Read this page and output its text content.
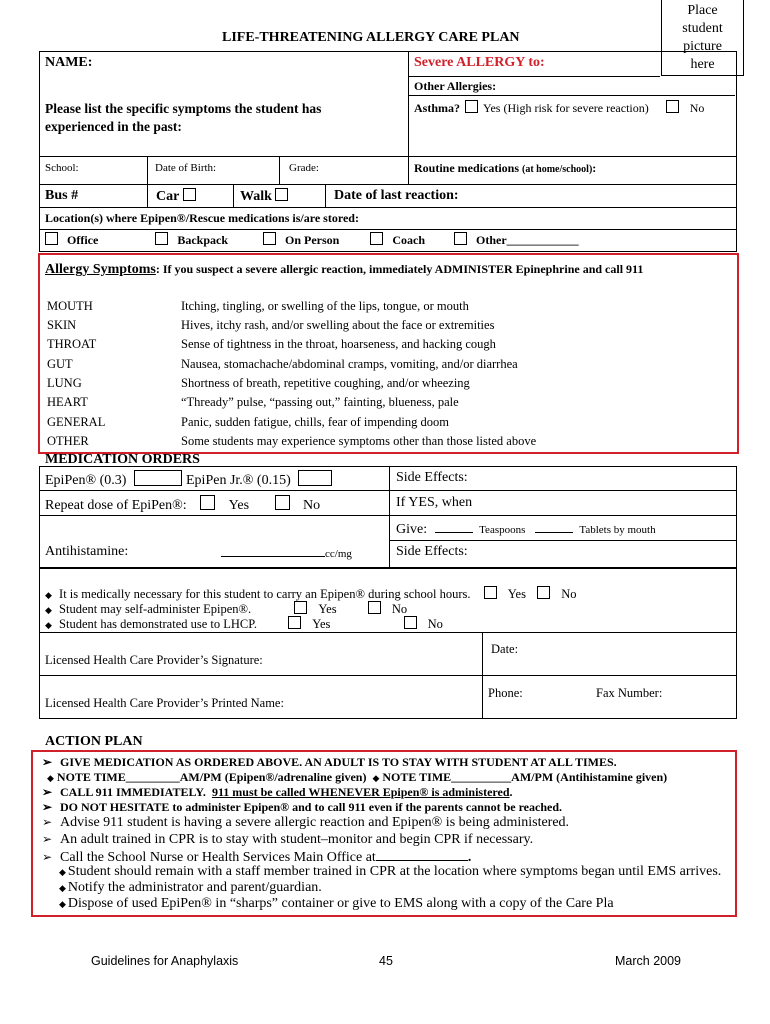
Place
student
picture
here
LIFE-THREATENING ALLERGY CARE PLAN
NAME:	Severe ALLERGY to:
Other Allergies:
Please list the specific symptoms the student has experienced in the past:
Asthma? Yes (High risk for severe reaction)	No
School:	Date of Birth:	Grade:	Routine medications (at home/school):
Bus #	Car	Walk	Date of last reaction:
Location(s) where Epipen®/Rescue medications is/are stored:
Office	Backpack	On Person	Coach	Other____________
Allergy Symptoms: If you suspect a severe allergic reaction, immediately ADMINISTER Epinephrine and call 911
MOUTH	Itching, tingling, or swelling of the lips, tongue, or mouth
SKIN	Hives, itchy rash, and/or swelling about the face or extremities
THROAT	Sense of tightness in the throat, hoarseness, and hacking cough
GUT	Nausea, stomachache/abdominal cramps, vomiting, and/or diarrhea
LUNG	Shortness of breath, repetitive coughing, and/or wheezing
HEART	“Thready” pulse, “passing out,” fainting, blueness, pale
GENERAL	Panic, sudden fatigue, chills, fear of impending doom
OTHER	Some students may experience symptoms other than those listed above
MEDICATION ORDERS
EpiPen® (0.3)	EpiPen Jr.® (0.15)	Side Effects:
Repeat dose of EpiPen®:	Yes	No	If YES, when
Give:	Teaspoons	Tablets by mouth
Antihistamine:	cc/mg	Side Effects:
◆ It is medically necessary for this student to carry an Epipen® during school hours.	Yes	No
◆ Student may self-administer Epipen®.	Yes	No
◆ Student has demonstrated use to LHCP.	Yes	No
Licensed Health Care Provider’s Signature:
Date:
Licensed Health Care Provider’s Printed Name:
Phone:	Fax Number:
ACTION PLAN
➢ GIVE MEDICATION AS ORDERED ABOVE. AN ADULT IS TO STAY WITH STUDENT AT ALL TIMES.
◆ NOTE TIME_________AM/PM (Epipen®/adrenaline given) ◆ NOTE TIME__________AM/PM (Antihistamine given)
➢ CALL 911 IMMEDIATELY.  911 must be called WHENEVER Epipen® is administered.
➢ DO NOT HESITATE to administer Epipen® and to call 911 even if the parents cannot be reached.
➢ Advise 911 student is having a severe allergic reaction and Epipen® is being administered.
➢ An adult trained in CPR is to stay with student–monitor and begin CPR if necessary.
➢ Call the School Nurse or Health Services Main Office at	.
◆ Student should remain with a staff member trained in CPR at the location where symptoms began until EMS arrives.
◆ Notify the administrator and parent/guardian.
◆ Dispose of used EpiPen® in “sharps” container or give to EMS along with a copy of the Care Pla
Guidelines for Anaphylaxis	45	March 2009
